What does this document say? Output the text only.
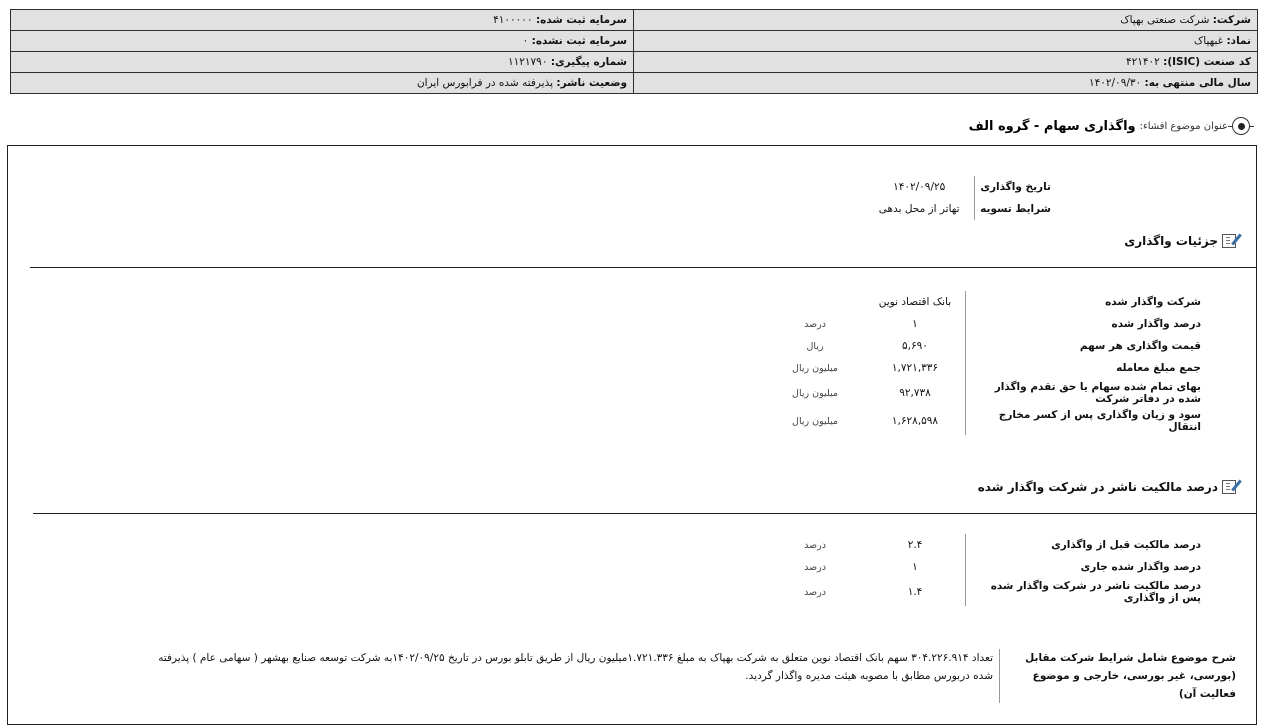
شرکت: شرکت صنعتی بهپاک	سرمایه ثبت شده: ۴۱۰۰۰۰۰
نماد: غبهپاک	سرمایه ثبت نشده: ۰
کد صنعت (ISIC): ۴۲۱۴۰۲	شماره پیگیری: ۱۱۲۱۷۹۰
سال مالی منتهی به: ۱۴۰۲/۰۹/۳۰	وضعیت ناشر: پذیرفته شده در فرابورس ایران
عنوان موضوع افشاء:
واگذاری سهام - گروه الف
تاریخ واگذاری	۱۴۰۲/۰۹/۲۵
شرایط تسویه	تهاتر از محل بدهی
جزئیات واگذاری
شرکت واگذار شده	بانک اقتصاد نوین	
درصد واگذار شده	۱	درصد
قیمت واگذاری هر سهم	۵,۶۹۰	ریال
جمع مبلغ معامله	۱,۷۲۱,۳۳۶	میلیون ریال
بهای تمام شده سهام یا حق تقدم واگذار شده در دفاتر شرکت	۹۲,۷۳۸	میلیون ریال
سود و زیان واگذاری پس از کسر مخارج انتقال	۱,۶۲۸,۵۹۸	میلیون ریال
درصد مالکیت ناشر در شرکت واگذار شده
درصد مالکیت قبل از واگذاری	۲.۴	درصد
درصد واگذار شده جاری	۱	درصد
درصد مالکیت ناشر در شرکت واگذار شده پس از واگذاری	۱.۴	درصد
شرح موضوع شامل شرایط شرکت مقابل (بورسی، غیر بورسی، خارجی و موضوع فعالیت آن)
تعداد ۳۰۴.۲۲۶.۹۱۴ سهم بانک اقتصاد نوین متعلق به شرکت بهپاک به مبلغ ۱.۷۲۱.۳۳۶میلیون ریال از طریق تابلو بورس در تاریخ ۱۴۰۲/۰۹/۲۵به شرکت توسعه صنایع بهشهر ( سهامی عام ) پذیرفته شده دربورس مطابق با مصوبه هیئت مدیره واگذار گردید.
